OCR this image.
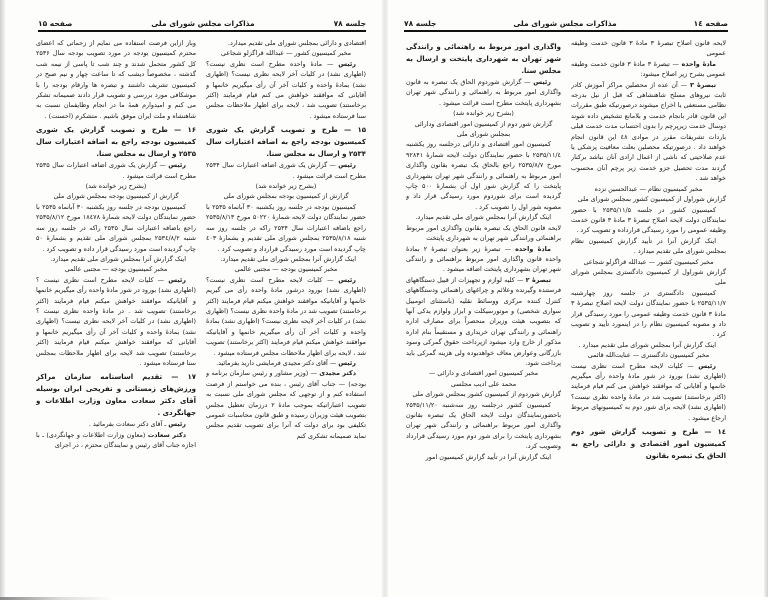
جلسه ۷۸
مذاکرات مجلس شورای ملی
صفحه ۱۵

اقتصادی و دارائی بمجلس شورای ملی تقدیم میدارد.

مخبر کمیسیون کشور — عبدالله قراگزلو شجاعی

رئیس — مادهٔ واحده مطرح است نظری نیست؟ (اظهاری نشد) در کلیات آخر لایحه نظری نیست؟ (اظهاری نشد) بمادهٔ واحده و کلیات آخر آن رأی میگیریم خانمها و آقایانی که موافقند خواهش می کنم قیام فرمایند (اکثر برخاستند) تصویب شد ، لایحه برای اظهار ملاحظات مجلس سنا فرستاده میشود .

۱۵ — طرح و تصویب گزارش یک شوری کمیسیون بودجه راجع به اضافه اعتبارات سال ۲۵۳۴ و ارسال به مجلس سنا.

رئیس — گزارش یک شوری اضافه اعتبارات سال ۲۵۳۴ مطرح است قرائت میشود .

(بشرح زیر خوانده شد)

گزارش از کمیسیون بودجه بمجلس شورای ملی

کمیسیون بودجه در جلسه روز یکشنبه ۳۰ آبانماه ۲۵۳۵ با حضور نمایندگان دولت لایحه شمارهٔ ۵۰۲۲۰ مورخ ۲۵۳۵/۸/۱۳ راجع باضافه اعتبارات سال ۲۵۳۴ راکه در جلسه روز سه شنبه ۲۵۳۵/۸/۱۸ بمجلس شورای ملی تقدیم و بشمارهٔ ٤۰۳ چاپ گردیده است مورد رسیدگی قرارداد و تصویب کرد .

اینک گزارش آنرا بمجلس شورای ملی تقدیم میدارد.

مخبر کمیسیون بودجه — مجتبی عالمی

رئیس — کلیات لایحه مطرح است نظری نیست؟ (اظهاری نشد) بورود درشور مادهٔ واحده رأی می گیریم خانمها و آقایانیکه موافقند خواهش میکنم قیام فرمایند (اکثر برخاستند) تصویب شد در مادهٔ واحده نظری نیست؟ (اظهاری نشد) در کلیات آخر لایحه نظری نیست؟ (اظهاری نشد) بمادهٔ واحده و کلیات آخر آن رأی میگیریم خانمها و آقایانیکه موافقند خواهش میکنم قیام فرمایند (اکثر برخاستند) تصویب شد ، لایحه برای اظهار ملاحظات مجلس فرستاده میشود .

رئیس — آقای دکتر مجیدی فرمایشی دارید بفرمائید.

دکتر مجیدی — (وزیر مشاور و رئیس سازمان برنامه و بودجه) — جناب آقای رئیس ، بنده می خواستم از فرصت استفاده کنم و از توجهی که مجلس شورای ملی نسبت به تصویب اعتباراتیکه بموجب مادهٔ ۲ درزمان تعطیل مجلس بتصویب هیئت وزیران رسیده و طبق قانون محاسبات عمومی تکلیفی بود برای دولت که آنرا برای تصویب تقدیم مجلس نماید صمیمانه تشکری کنم

وباز ازاین فرصت استفاده می نمایم از زحماتی که اعضای محترم کمیسیون بودجه در مورد تصویب بودجه سال ۲۵۳۶ کل کشور متحمل شدند و چند شب تا پاسی از نیمه شب گذشته ، مخصوصاً دیشب که تا ساعت چهار و نیم صبح در کمیسیون تشریف داشتند و تبصره ها وارقام بودجه را با موشکافی مورد بررسی و تصویب قرار دادند صمیمانه تشکر می کنم و امیدوارم همهٔ ما در انجام وظایفمان نسبت به شاهنشاه و ملت ایران موفق باشیم . متشکرم (احسنت) .

۱۶ — طرح و تصویب گزارش یک شوری کمیسیون بودجه راجع به اضافه اعتبارات سال ۲۵۳۵ و ارسال به مجلس سنا.

رئیس — گزارش یک شوری اضافه اعتبارات سال ۲۵۳۵ مطرح است قرائت میشود .

(بشرح زیر خوانده شد)

گزارش از کمیسیون بودجه بمجلس شورای ملی

کمیسیون بودجه در جلسه روز یکشنبه ۳۰ آبانماه ۲۵۳۵ با حضور نمایندگان دولت لایحه شمارهٔ ۱۸٤۷۸ مورخ ۲۵۳۵/۸/۱۲ راجع باضافه اعتبارات سال ۲۵۳۵ راکه در جلسه روز سه شنبه ۲۵۳٤/۸/۲ بمجلس شورای ملی تقدیم و بشمارهٔ ۵۰ چاپ گردیده است مورد رسیدگی قرار داده و تصویب کرد .

اینک گزارش آنرا بمجلس شورای ملی تقدیم میدارد.

مخبر کمیسیون بودجه — مجتبی عالمی

رئیس — کلیات لایحه مطرح است نظری نیست ؟ (اظهاری نشد) بورود در شور مادهٔ واحده رأی میگیریم خانمها و آقایانیکه موافقند خواهش میکنم قیام فرمایند (اکثر برخاستند) تصویب شد . در مادهٔ واحده نظری نیست ؟ (اظهاری نشد) در کلیات آخر لایحه نظری نیست؟ (اظهاری نشد) بمادهٔ واحده و کلیات آخر آن رأی میگیریم خانمها و آقایانی که موافقند خواهش میکنم قیام فرمایند (اکثر برخاستند) تصویب شد لایحه برای اظهار ملاحظات بمجلس سنا فرستاده میشود .

۱۷ — تقدیم اساسنامه سازمان مراکز ورزش‌های زمستانی و تفریحی ایران بوسیله آقای دکتر سعادت معاون وزارت اطلاعات و جهانگردی .

رئیس ـ آقای دکتر سعادت بفرمائید .

دکتر سعادت (معاون وزارت اطلاعات و جهانگردی) ـ با اجازه جناب آقای رئیس و نمایندگان محترم ، در اجرای

صفحه ۱٤
مذاکرات مجلس شورای ملی
جلسه ۷۸

لایحه قانون اصلاح تبصرهٔ ۳ مادهٔ ۳ قانون خدمت وظیفه عمومی

مادهٔ واحده — تبصرهٔ ۳ مادهٔ ۳ قانون خدمت وظیفه عمومی بشرح زیر اصلاح میشود:

تبصرهٔ ۳ — آن عده از محصلین مراکز آموزش کادر ثابت نیروهای مسلح شاهنشاهی که قبل از نیل بدرجه نظامی مستعفی یا اخراج میشوند درصورتیکه طبق مقررات این قانون قادر بانجام خدمت و بلامانع تشخیص داده شوند دوسال خدمت زیرپرچم را بدون احتساب مدت خدمت قبلی باردات تشریفات مقرر در موادی ٤۸ این قانون انجام خواهند داد . درصورتیکه محصلین بعلت معافیت پزشکی یا عدم صلاحیتی که ناشی از اعمال ارادی آنان نباشد برکنار گردند مدت تحصیل جزو خدمت زیر پرچم آنان محسوب خواهد شد .

مخبر کمیسیون نظام — عبدالحسین نزده

گزارش شوراول از کمیسیون کشور بمجلس شورای ملی

کمیسیون کشور در جلسه ۲۵۳۵/۱۱/۵ با حضور نمایندگان دولت لایحه اصلاح تبصرهٔ ۳ مادهٔ ۳ قانون خدمت وظیفه عمومی را مورد رسیدگی قرارداده و تصویب کرد .

اینک گزارش آنرا در تأیید گزارش کمیسیون نظام بمجلس شورای ملی تقدیم میدارد .

مخبر کمیسیون کشور — عبدالله قراگزلو شجاعی

گزارش شوراول از کمیسیون دادگستری بمجلس شورای ملی

کمیسیون دادگستری در جلسه روز چهارشنبه ۲۵۳۵/۱۱/۷ با حضور نمایندگان دولت لایحه اصلاح تبصرهٔ ۳ مادهٔ ۳ قانون خدمت وظیفه عمومی را مورد رسیدگی قرار داد و مصوبه کمیسیون نظام را در اینمورد تأیید و تصویب کرد .

اینک گزارش آنرا بمجلس شورای ملی تقدیم میدارد .

مخبر کمیسیون دادگستری — عنایت‌الله قائمی

رئیس — کلیات لایحه مطرح است نظری نیست (اظهاری نشد) بورود در شور مادهٔ واحده رأی میگیریم خانمها و آقایانی که موافقند خواهش می کنم قیام فرمایند (اکثر برخاستند) تصویب شد در مادهٔ واحده نظری نیست؟ (اظهاری نشد) لایحه برای شور دوم به کمیسیونهای مربوط ارجاع میشود .

۱٤ — طرح و تصویب گزارش شور دوم کمیسیون امور اقتصادی و دارائی راجع به الحاق یک تبصره بقانون

واگذاری امور مربوط به راهنمائی و رانندگی شهر تهران به شهرداری پایتخت و ارسال به مجلس سنا.

رئیس — گزارش شوردوم الحاق یک تبصره به قانون واگذاری امور مربوط به راهنمائی و رانندگی شهر تهران بشهرداری پایتخت مطرح است قرائت میشود .

(بشرح زیر خوانده شد)

گزارش شور دوم از کمیسیون امور اقتصادی ودارائی بمجلس شورای ملی

کمیسیون امور اقتصادی و دارائی درجلسه روز یکشنبه ۲۵۳۵/۱۱/٤ با حضور نمایندگان دولت لایحه شمارهٔ ۹۲۸۴۱ مورخ ۲۵۳۵/۸/۷ راجع بالحاق یک تبصره بقانون واگذاری امور مربوط به راهنمائی و رانندگی شهر تهران بشهرداری پایتخت را که گزارش شور اول آن بشمارهٔ ۵۰۰ چاپ گردیده است برای شوردوم مورد رسیدگی قرار داد و مصوبه شور اول را تصویب کرد .

اینک گزارش آنرا بمجلس شورای ملی تقدیم میدارد.

لایحه قانون الحاق یک تبصره بقانون واگذاری امور مربوط براهنمائی ورانندگی شهر تهران به شهرداری پایتخت

مادهٔ واحده — تبصرهٔ زیر بعنوان تبصرهٔ ۲ بمادهٔ واحده قانون واگذاری امور مربوط براهنمائی و رانندگی شهر تهران بشهرداری پایتخت اضافه میشود .

تبصرهٔ ۲ — کلیه لوازم و تجهیزات از قبیل دستگاههای فرستنده وگیرنده وعلائم و چراغهای راهنمائی ودستگاههای کنترل کننده مرکزی ووسائط نقلیه (باستثنای اتومبیل سواری شخصی) و موتورسیکلت و ابزار ولوازم یدکی آنها که بتصویب هیئت وزیران منحصراً برای مصارف اداره راهنمائی و رانندگی تهران خریداری و مستقیماً بنام اداره مذکور از خارج وارد میشود ازپرداخت حقوق گمرکی وسود بازرگانی وعوارض معاف خواهدبوده ولی هزینه گمرکی باید پرداخت شود.

مخبر کمیسیون امور اقتصادی و دارائی —

محمد علی ادیب مجلسی

گزارش شوردوم از کمیسیون کشور بمجلس شورای ملی

کمیسیون کشور درجلسه روز سه‌شنبه ۲۵۳۵/۱۱/۲۰ باحضورنمایندگان دولت لایحه الحاق یک تبصره بقانون واگذاری امور مربوط براهنمائی و رانندگی شهر تهران بشهرداری پایتخت را برای شور دوم مورد رسیدگی قرارداد وتصویب کرد.

اینک گزارش آنرا در تأیید گزارش کمیسیون امور
